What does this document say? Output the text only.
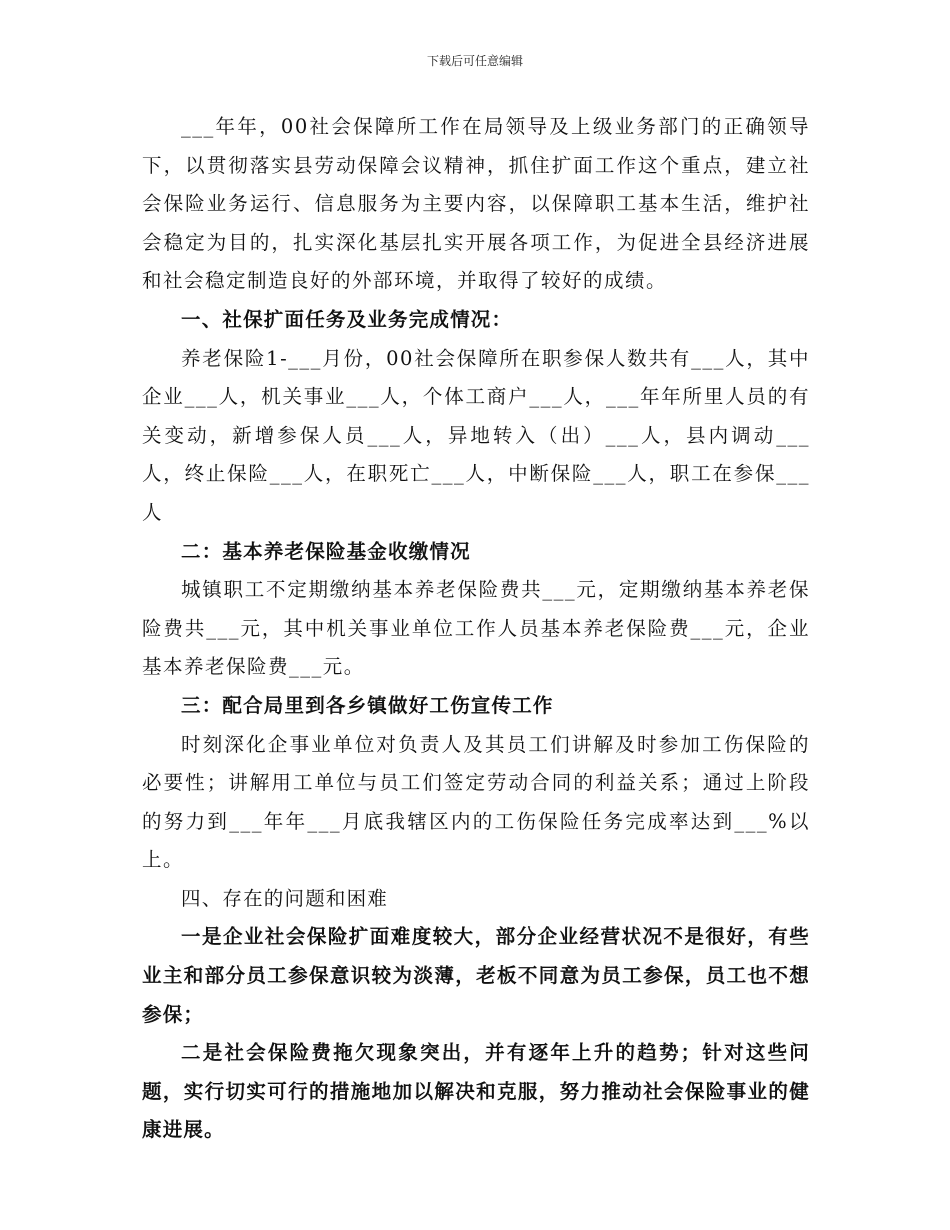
下载后可任意编辑

___年年，00社会保障所工作在局领导及上级业务部门的正确领导下，以贯彻落实县劳动保障会议精神，抓住扩面工作这个重点，建立社会保险业务运行、信息服务为主要内容，以保障职工基本生活，维护社会稳定为目的，扎实深化基层扎实开展各项工作，为促进全县经济进展和社会稳定制造良好的外部环境，并取得了较好的成绩。

一、社保扩面任务及业务完成情况：

养老保险1-___月份，00社会保障所在职参保人数共有___人，其中企业___人，机关事业___人，个体工商户___人，___年年所里人员的有关变动，新增参保人员___人，异地转入（出）___人，县内调动___人，终止保险___人，在职死亡___人，中断保险___人，职工在参保___人

二：基本养老保险基金收缴情况

城镇职工不定期缴纳基本养老保险费共___元，定期缴纳基本养老保险费共___元，其中机关事业单位工作人员基本养老保险费___元，企业基本养老保险费___元。

三：配合局里到各乡镇做好工伤宣传工作

时刻深化企事业单位对负责人及其员工们讲解及时参加工伤保险的必要性；讲解用工单位与员工们签定劳动合同的利益关系；通过上阶段的努力到___年年___月底我辖区内的工伤保险任务完成率达到___%以上。

四、存在的问题和困难

一是企业社会保险扩面难度较大，部分企业经营状况不是很好，有些业主和部分员工参保意识较为淡薄，老板不同意为员工参保，员工也不想参保；

二是社会保险费拖欠现象突出，并有逐年上升的趋势；针对这些问题，实行切实可行的措施地加以解决和克服，努力推动社会保险事业的健康进展。
